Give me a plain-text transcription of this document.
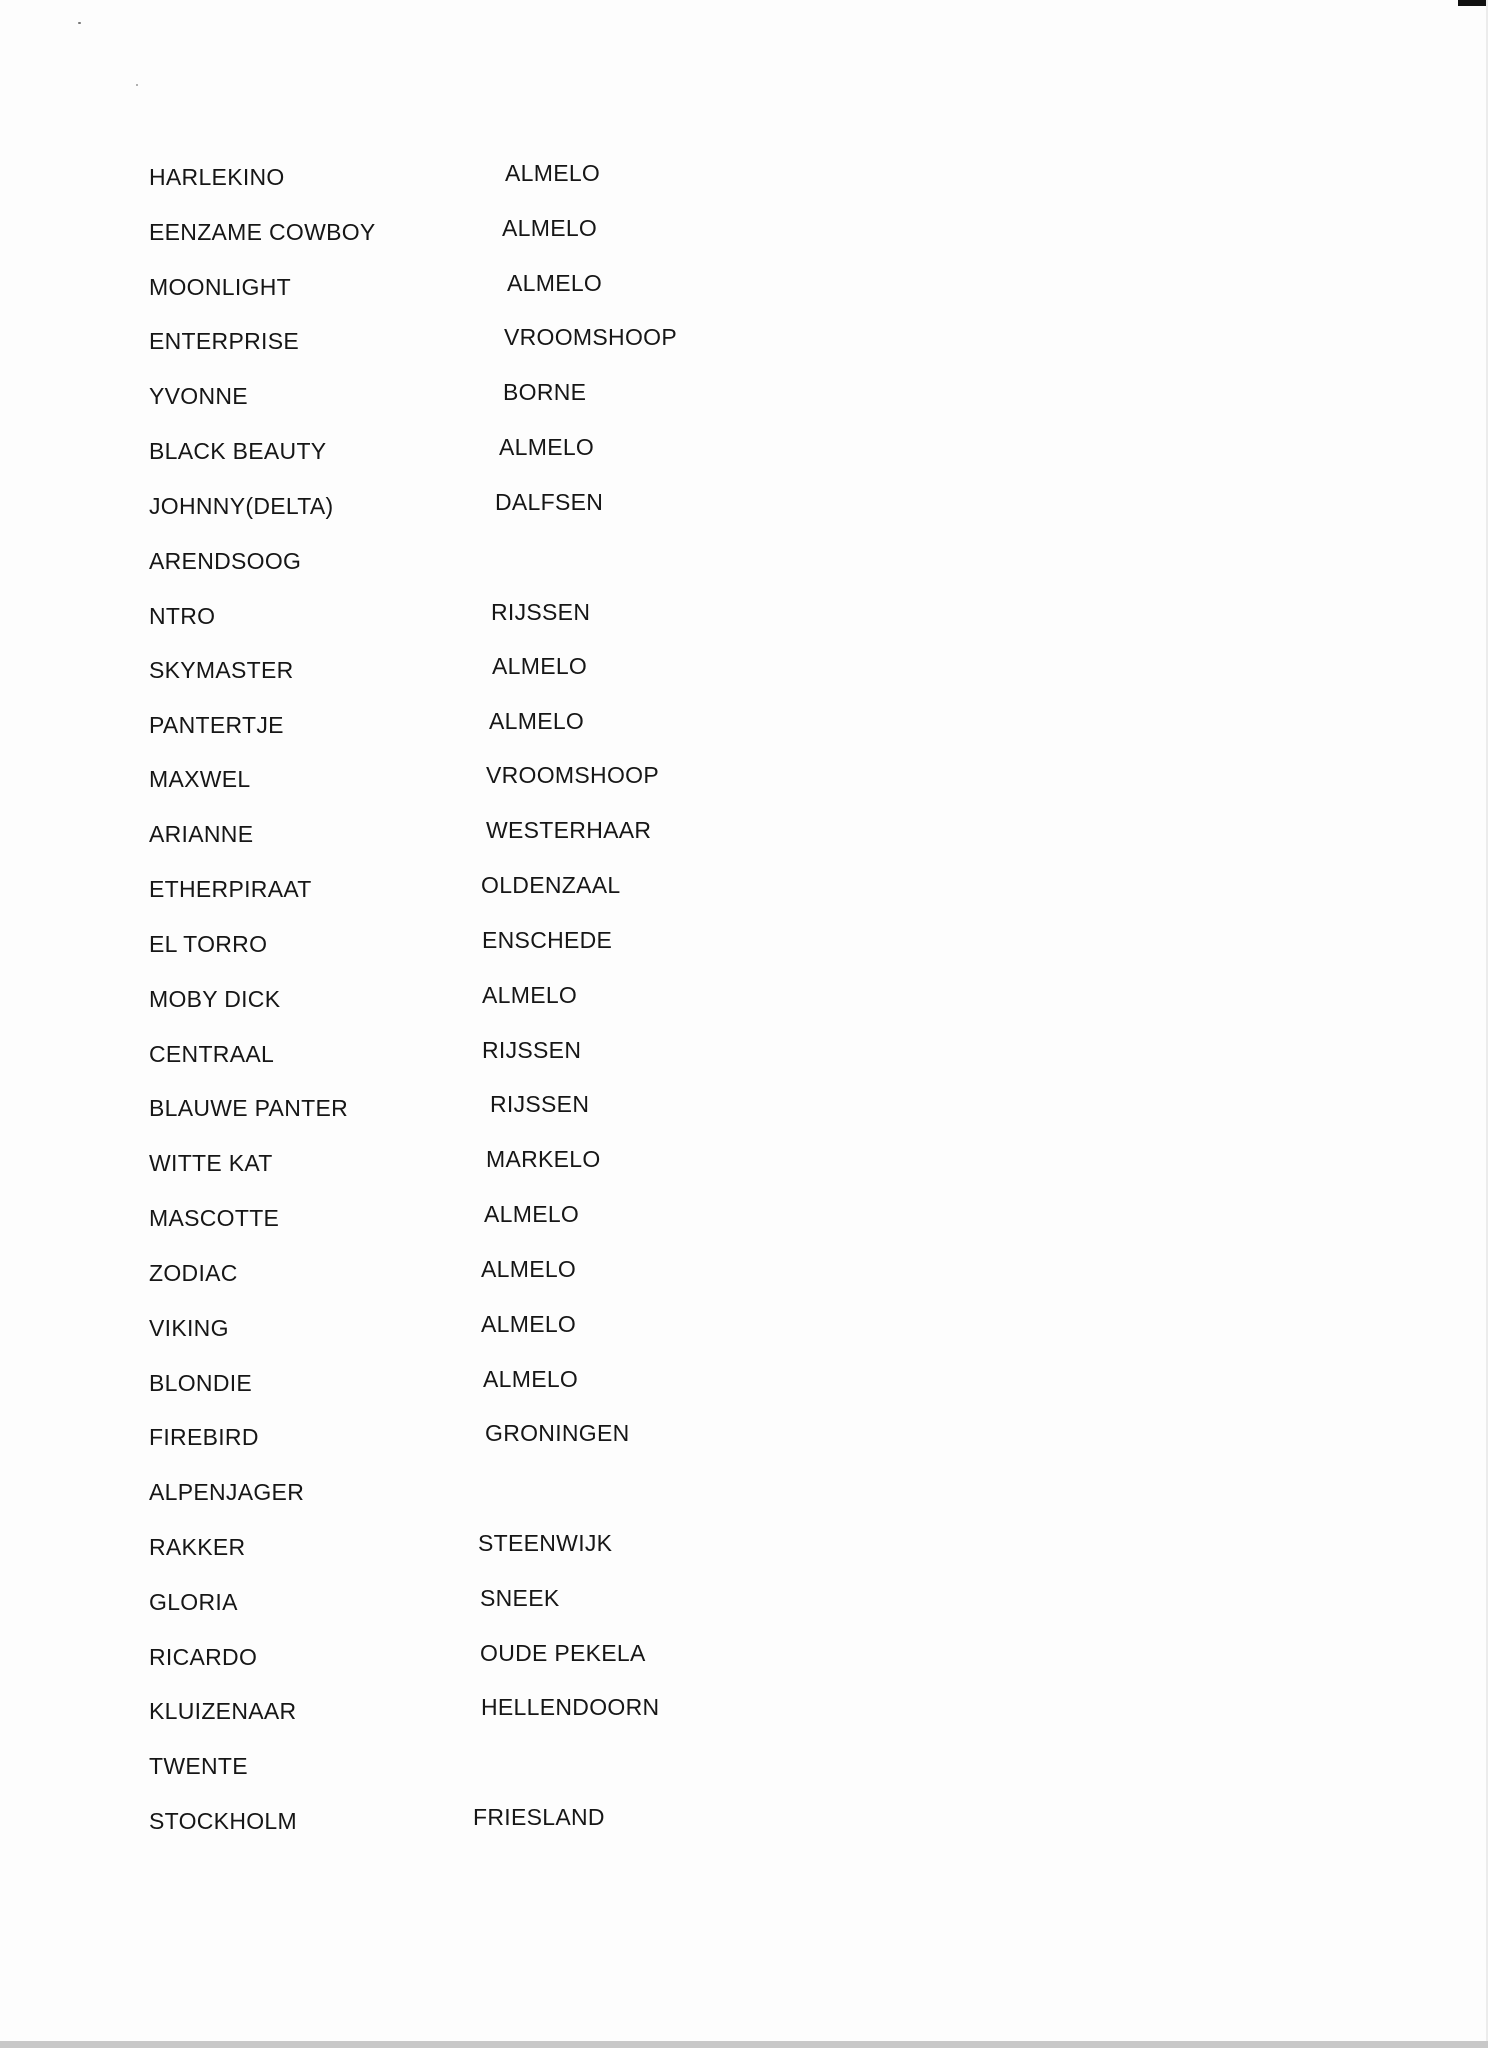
HARLEKINO	ALMELO
EENZAME COWBOY	ALMELO
MOONLIGHT	ALMELO
ENTERPRISE	VROOMSHOOP
YVONNE	BORNE
BLACK BEAUTY	ALMELO
JOHNNY(DELTA)	DALFSEN
ARENDSOOG
NTRO	RIJSSEN
SKYMASTER	ALMELO
PANTERTJE	ALMELO
MAXWEL	VROOMSHOOP
ARIANNE	WESTERHAAR
ETHERPIRAAT	OLDENZAAL
EL TORRO	ENSCHEDE
MOBY DICK	ALMELO
CENTRAAL	RIJSSEN
BLAUWE PANTER	RIJSSEN
WITTE KAT	MARKELO
MASCOTTE	ALMELO
ZODIAC	ALMELO
VIKING	ALMELO
BLONDIE	ALMELO
FIREBIRD	GRONINGEN
ALPENJAGER
RAKKER	STEENWIJK
GLORIA	SNEEK
RICARDO	OUDE PEKELA
KLUIZENAAR	HELLENDOORN
TWENTE
STOCKHOLM	FRIESLAND
